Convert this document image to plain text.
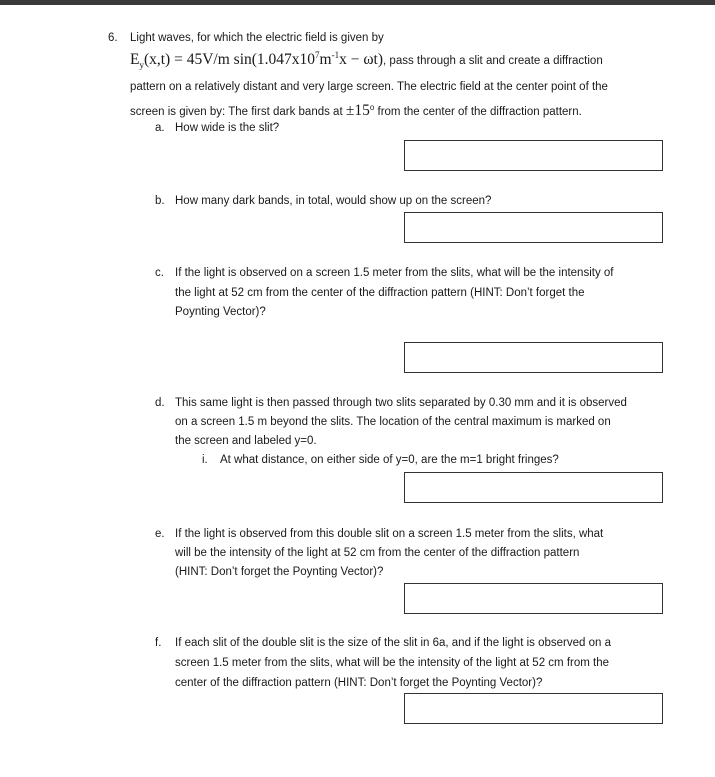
6. Light waves, for which the electric field is given by
$E_y(x,t) = 45V/m$ $\sin(1.047x10^7m^{-1}x - \omega t)$, pass through a slit and create a diffraction
pattern on a relatively distant and very large screen. The electric field at the center point of the
screen is given by: The first dark bands at $\pm 15^o$ from the center of the diffraction pattern.
a. How wide is the slit?
b. How many dark bands, in total, would show up on the screen?
c. If the light is observed on a screen 1.5 meter from the slits, what will be the intensity of
the light at 52 cm from the center of the diffraction pattern (HINT: Don’t forget the
Poynting Vector)?
d. This same light is then passed through two slits separated by 0.30 mm and it is observed
on a screen 1.5 m beyond the slits. The location of the central maximum is marked on
the screen and labeled y=0.
i. At what distance, on either side of y=0, are the m=1 bright fringes?
e. If the light is observed from this double slit on a screen 1.5 meter from the slits, what
will be the intensity of the light at 52 cm from the center of the diffraction pattern
(HINT: Don’t forget the Poynting Vector)?
f. If each slit of the double slit is the size of the slit in 6a, and if the light is observed on a
screen 1.5 meter from the slits, what will be the intensity of the light at 52 cm from the
center of the diffraction pattern (HINT: Don’t forget the Poynting Vector)?
